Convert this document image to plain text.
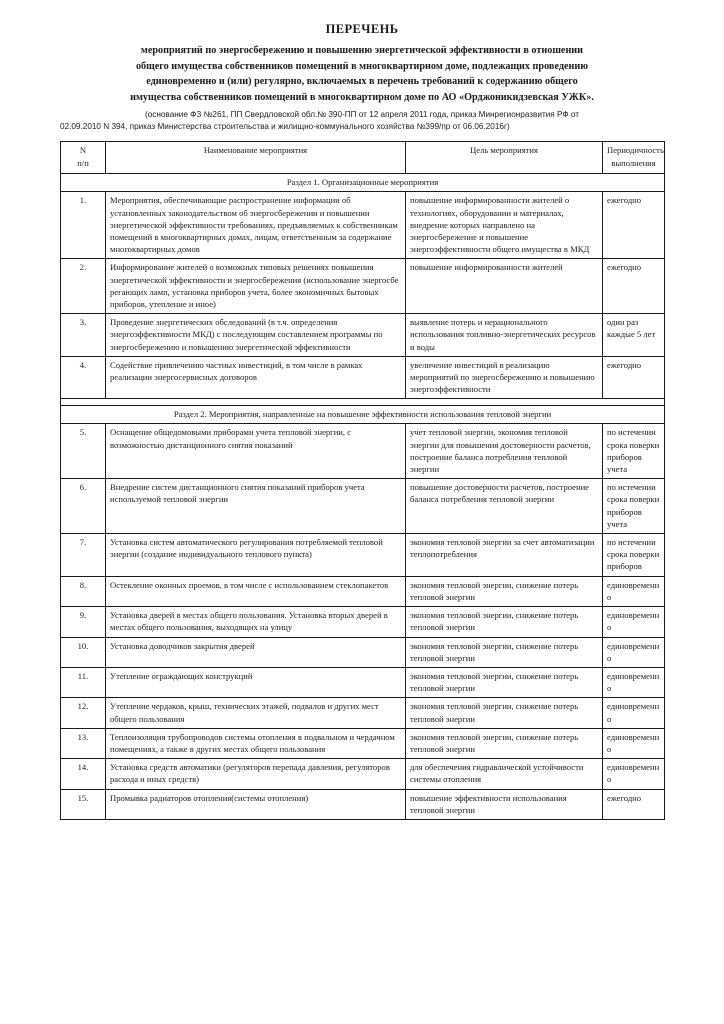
ПЕРЕЧЕНЬ

мероприятий по энергосбережению и повышению энергетической эффективности в отношении

общего имущества собственников помещений в многоквартирном доме, подлежащих проведению

единовременно и (или) регулярно, включаемых в перечень требований к содержанию общего

имущества собственников помещений в многоквартирном доме по АО «Орджоникидзевская УЖК».

(основание ФЗ №261, ПП Свердловской обл.№ 390-ПП от 12 апреля 2011 года, приказ Минрегионразвития РФ от
02.09.2010 N 394, приказ Министерства строительства и жилищно-коммунального хозяйства №399/пр от 06.06.2016г)
N
п/п	Наименование мероприятия	Цель мероприятия	Периодичность
выполнения

Раздел 1. Организационные мероприятия			
1.	Мероприятия, обеспечивающие распространение информации об установленных законодательством об энергосбережении и повышении энергетической эффективности требованиях, предъявляемых к собственникам помещений в многоквартирных домах, лицам, ответственным за содержание многоквартирных домов	повышение информированности жителей о технологиях, оборудовании и материалах, внедрение которых направлено на энергосбережение и повышение энергоэффективности общего имущества в МКД	ежегодно
2.	Информирование жителей о возможных типовых решениях повышения энергетической эффективности и энергосбережения (использование энергосбе регающих ламп, установка приборов учета, более экономичных бытовых приборов, утепление и иное)	повышение информированности жителей	ежегодно
3.	Проведение энергетических обследований (в т.ч. определения энергоэффективности МКД) с последующим составлением программы по энергосбережению и повышению энергетической эффективности	выявление потерь и нерационального использования топливно-энергетических ресурсов и воды	один раз каждые 5 лет
4.	Содействие привлечению частных инвестиций, в том числе в рамках реализации энергосервисных договоров	увеличение инвестиций в реализацию мероприятий по энергосбережению и повышению энергоэффективности	ежегодно

Раздел 2. Мероприятия, направленные на повышение эффективности использования тепловой энергии			
5.	Оснащение общедомовыми приборами учета тепловой энергии, с возможностью дистанционного снятия показаний	учет тепловой энергии, экономия тепловой энергии для повышения достоверности расчетов, построение баланса потребления тепловой энергии	по истечении срока поверки приборов учета
6.	Внедрение систем дистанционного снятия показаний приборов учета используемой тепловой энергии	повышение достоверности расчетов, построение баланса потребления тепловой энергии	по истечении срока поверки приборов учета
7.	Установка систем автоматического регулирования потребляемой тепловой энергии (создание индивидуального теплового пункта)	экономия тепловой энергии за счет автоматизации теплопотребления	по истечении срока поверки приборов
8.	Остекление оконных проемов, в том числе с использованием стеклопакетов	экономия тепловой энергии, снижение потерь тепловой энергии	единовременн о
9.	Установка дверей в местах общего пользования. Установка вторых дверей в местах общего пользования, выходящих на улицу	экономия тепловой энергии, снижение потерь тепловой энергии	единовременн о
10.	Установка доводчиков закрытия дверей	экономия тепловой энергии, снижение потерь тепловой энергии	единовременн о
11.	Утепление ограждающих конструкций	экономия тепловой энергии, снижение потерь тепловой энергии	единовременн о
12.	Утепление чердаков, крыш, технических этажей, подвалов и других мест общего пользования	экономия тепловой энергии, снижение потерь тепловой энергии	единовременн о
13.	Теплоизоляция трубопроводов системы отопления в подвальном и чердачном помещениях, а также в других местах общего пользования	экономия тепловой энергии, снижение потерь тепловой энергии	единовременн о
14.	Установка средств автоматики (регуляторов перепада давления, регуляторов расхода и иных средств)	для обеспечения гидравлической устойчивости системы отопления	единовременн о
15.	Промывка радиаторов отопления(системы отопления)	повышение эффективности использования тепловой энергии	ежегодно
